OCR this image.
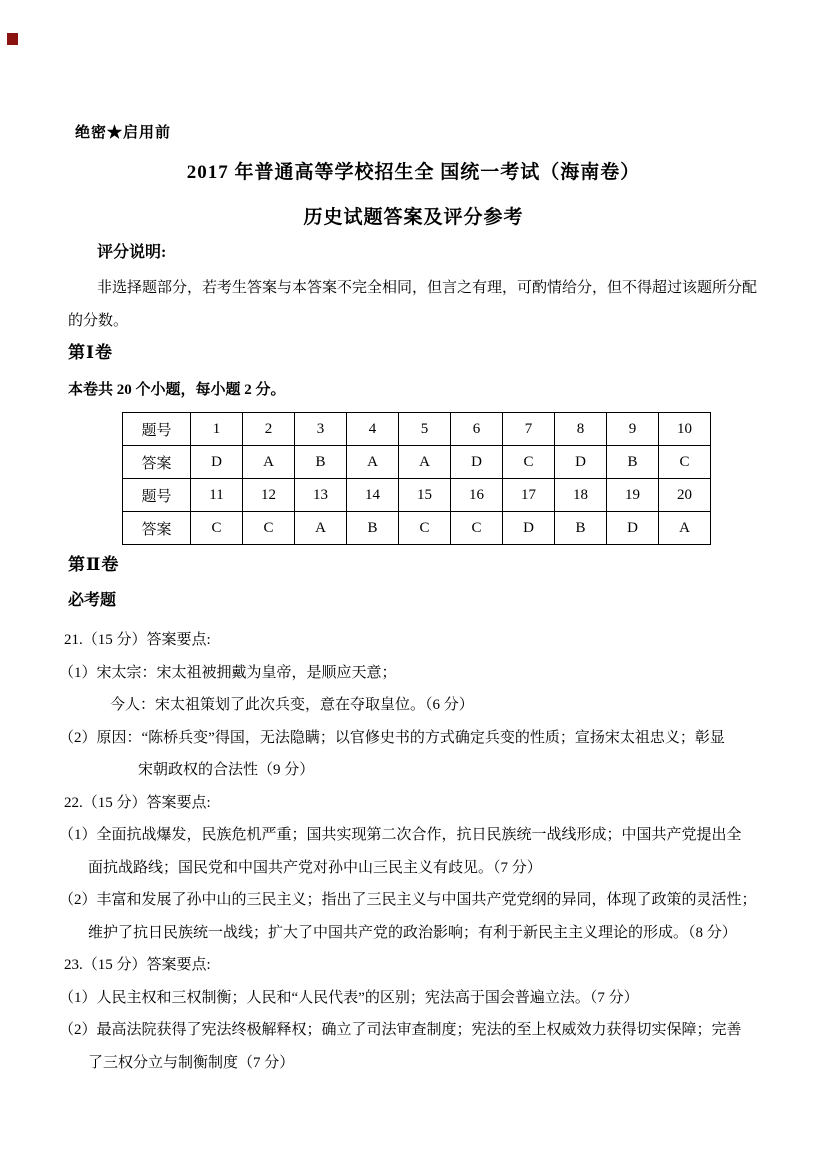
绝密★启用前
2017 年普通高等学校招生全 国统一考试（海南卷）
历史试题答案及评分参考
评分说明:
非选择题部分，若考生答案与本答案不完全相同，但言之有理，可酌情给分，但不得超过该题所分配
的分数。
第Ⅰ卷
本卷共 20 个小题，每小题 2 分。
题号	1	2	3	4	5	6	7	8	9	10
答案	D	A	B	A	A	D	C	D	B	C
题号	11	12	13	14	15	16	17	18	19	20
答案	C	C	A	B	C	C	D	B	D	A
第Ⅱ卷
必考题
21.（15 分）答案要点:
（1）宋太宗：宋太祖被拥戴为皇帝，是顺应天意；
今人：宋太祖策划了此次兵变，意在夺取皇位。（6 分）
（2）原因：“陈桥兵变”得国，无法隐瞒；以官修史书的方式确定兵变的性质；宣扬宋太祖忠义；彰显
宋朝政权的合法性（9 分）
22.（15 分）答案要点:
（1）全面抗战爆发，民族危机严重；国共实现第二次合作，抗日民族统一战线形成；中国共产党提出全
面抗战路线；国民党和中国共产党对孙中山三民主义有歧见。（7 分）
（2）丰富和发展了孙中山的三民主义；指出了三民主义与中国共产党党纲的异同，体现了政策的灵活性；
维护了抗日民族统一战线；扩大了中国共产党的政治影响；有利于新民主主义理论的形成。（8 分）
23.（15 分）答案要点:
（1）人民主权和三权制衡；人民和“人民代表”的区别；宪法高于国会普遍立法。（7 分）
（2）最高法院获得了宪法终极解释权；确立了司法审查制度；宪法的至上权威效力获得切实保障；完善
了三权分立与制衡制度（7 分）
